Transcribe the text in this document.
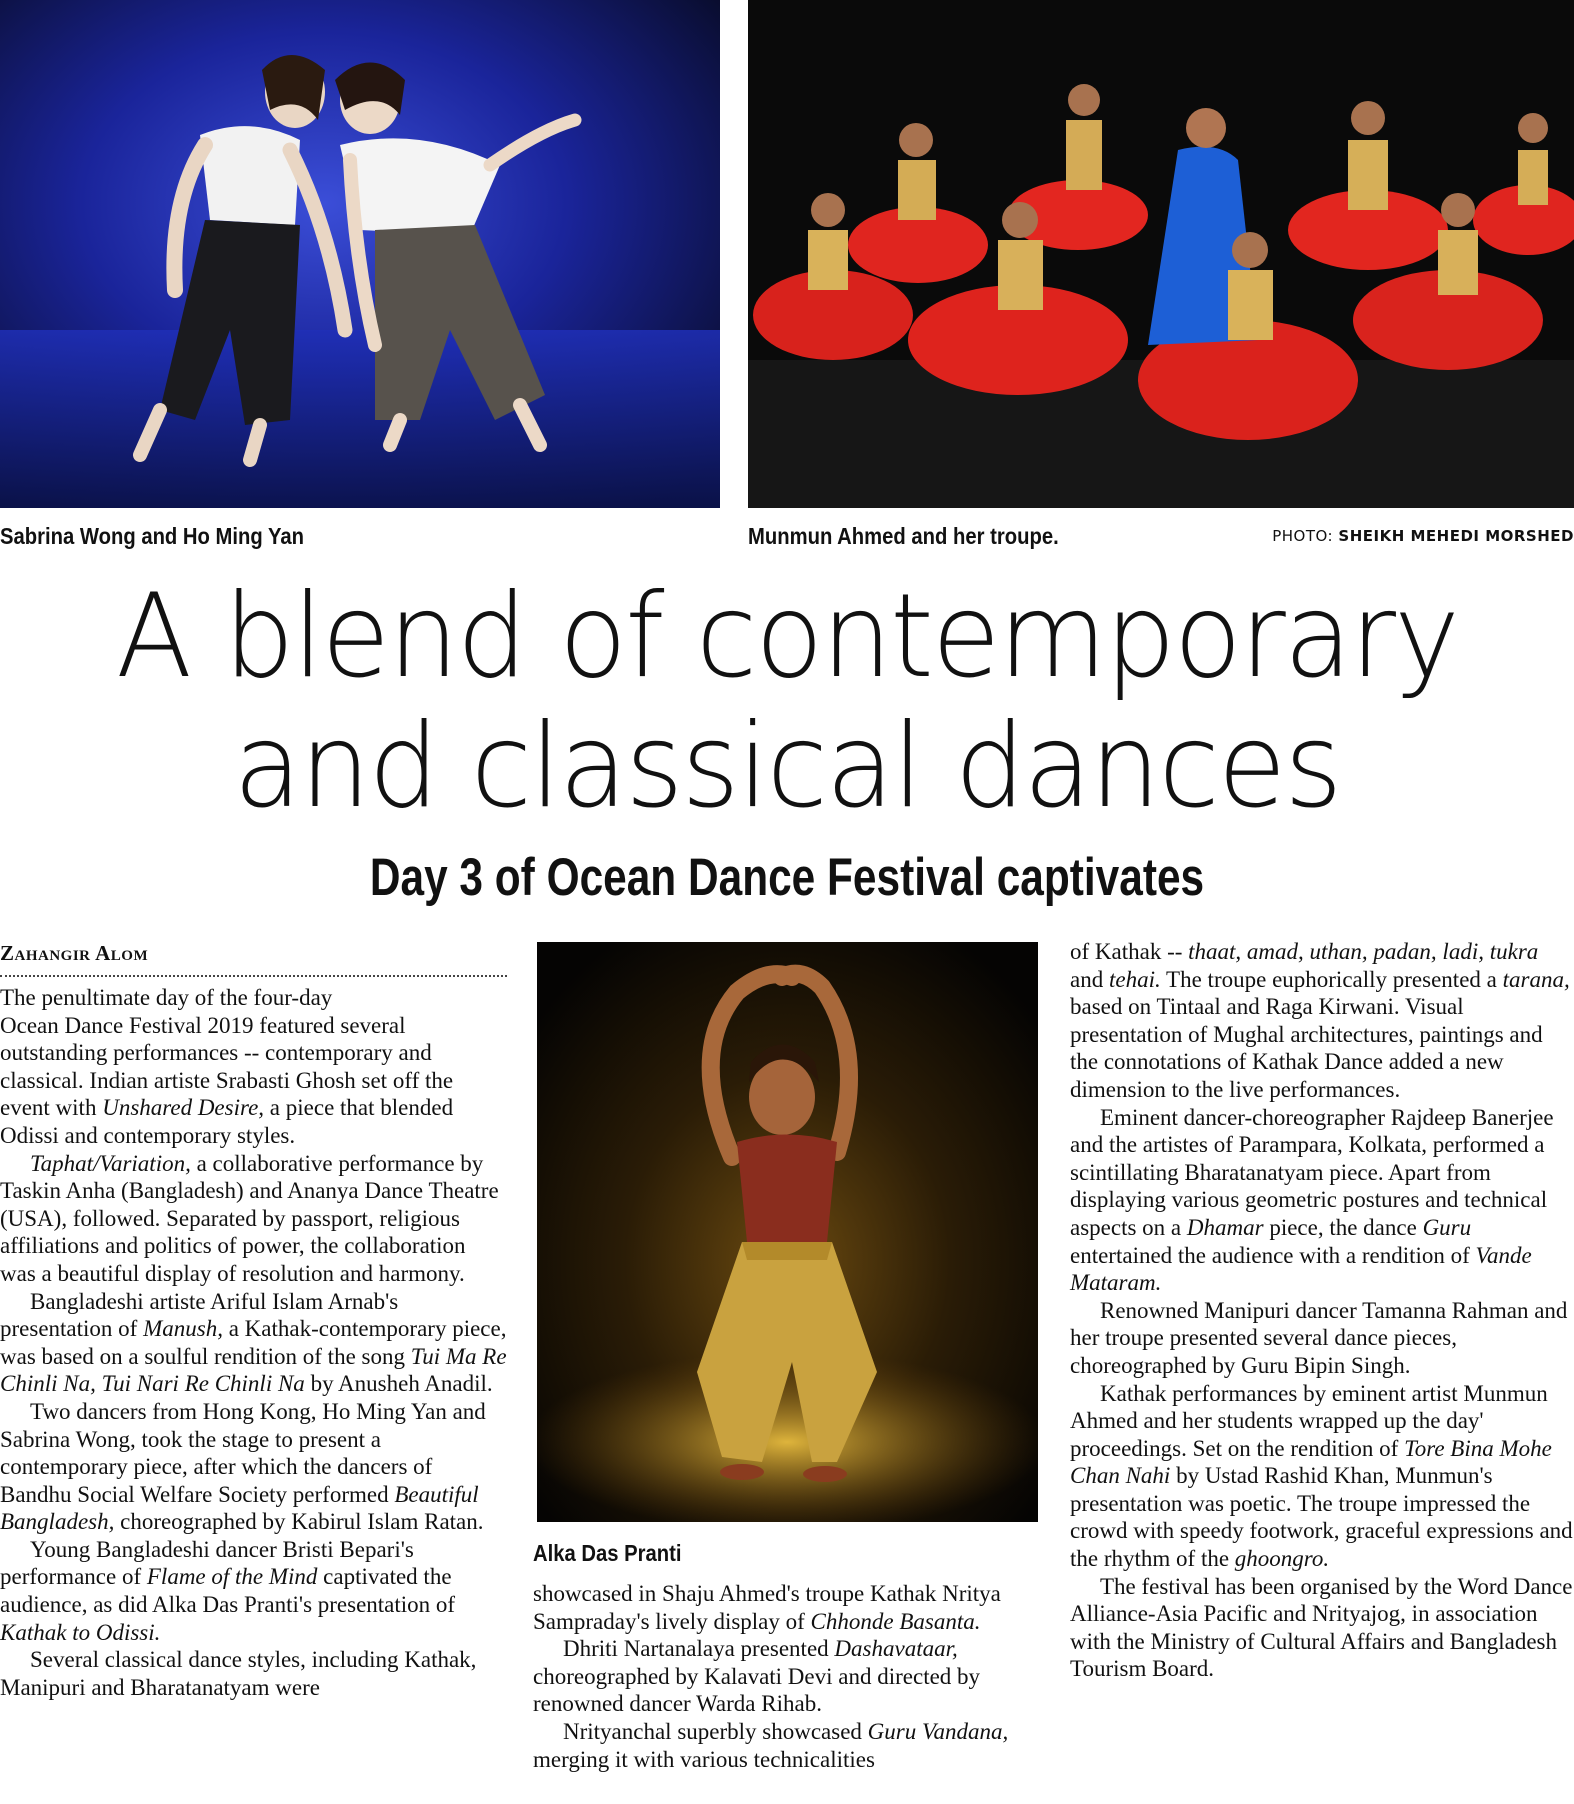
Sabrina Wong and Ho Ming Yan	Munmun Ahmed and her troupe.	PHOTO: SHEIKH MEHEDI MORSHED
A blend of contemporary
and classical dances
Day 3 of Ocean Dance Festival captivates
Zahangir Alom

The penultimate day of the four-day
Ocean Dance Festival 2019 featured several outstanding performances -- contemporary and classical. Indian artiste Srabasti Ghosh set off the event with Unshared Desire, a piece that blended Odissi and contemporary styles.

Taphat/Variation, a collaborative performance by Taskin Anha (Bangladesh) and Ananya Dance Theatre (USA), followed. Separated by passport, religious affiliations and politics of power, the collaboration was a beautiful display of resolution and harmony.

Bangladeshi artiste Ariful Islam Arnab's presentation of Manush, a Kathak-contemporary piece, was based on a soulful rendition of the song Tui Ma Re Chinli Na, Tui Nari Re Chinli Na by Anusheh Anadil.

Two dancers from Hong Kong, Ho Ming Yan and Sabrina Wong, took the stage to present a contemporary piece, after which the dancers of Bandhu Social Welfare Society performed Beautiful Bangladesh, choreographed by Kabirul Islam Ratan.

Young Bangladeshi dancer Bristi Bepari's performance of Flame of the Mind captivated the audience, as did Alka Das Pranti's presentation of Kathak to Odissi.

Several classical dance styles, including Kathak, Manipuri and Bharatanatyam were

Alka Das Pranti

showcased in Shaju Ahmed's troupe Kathak Nritya Sampraday's lively display of Chhonde Basanta.

Dhriti Nartanalaya presented Dashavataar, choreographed by Kalavati Devi and directed by renowned dancer Warda Rihab.

Nrityanchal superbly showcased Guru Vandana, merging it with various technicalities

of Kathak -- thaat, amad, uthan, padan, ladi, tukra and tehai. The troupe euphorically presented a tarana, based on Tintaal and Raga Kirwani. Visual presentation of Mughal architectures, paintings and the connotations of Kathak Dance added a new dimension to the live performances.

Eminent dancer-choreographer Rajdeep Banerjee and the artistes of Parampara, Kolkata, performed a scintillating Bharatanatyam piece. Apart from displaying various geometric postures and technical aspects on a Dhamar piece, the dance Guru entertained the audience with a rendition of Vande Mataram.

Renowned Manipuri dancer Tamanna Rahman and her troupe presented several dance pieces, choreographed by Guru Bipin Singh.

Kathak performances by eminent artist Munmun Ahmed and her students wrapped up the day' proceedings. Set on the rendition of Tore Bina Mohe Chan Nahi by Ustad Rashid Khan, Munmun's presentation was poetic. The troupe impressed the crowd with speedy footwork, graceful expressions and the rhythm of the ghoongro.

The festival has been organised by the Word Dance Alliance-Asia Pacific and Nrityajog, in association with the Ministry of Cultural Affairs and Bangladesh Tourism Board.
